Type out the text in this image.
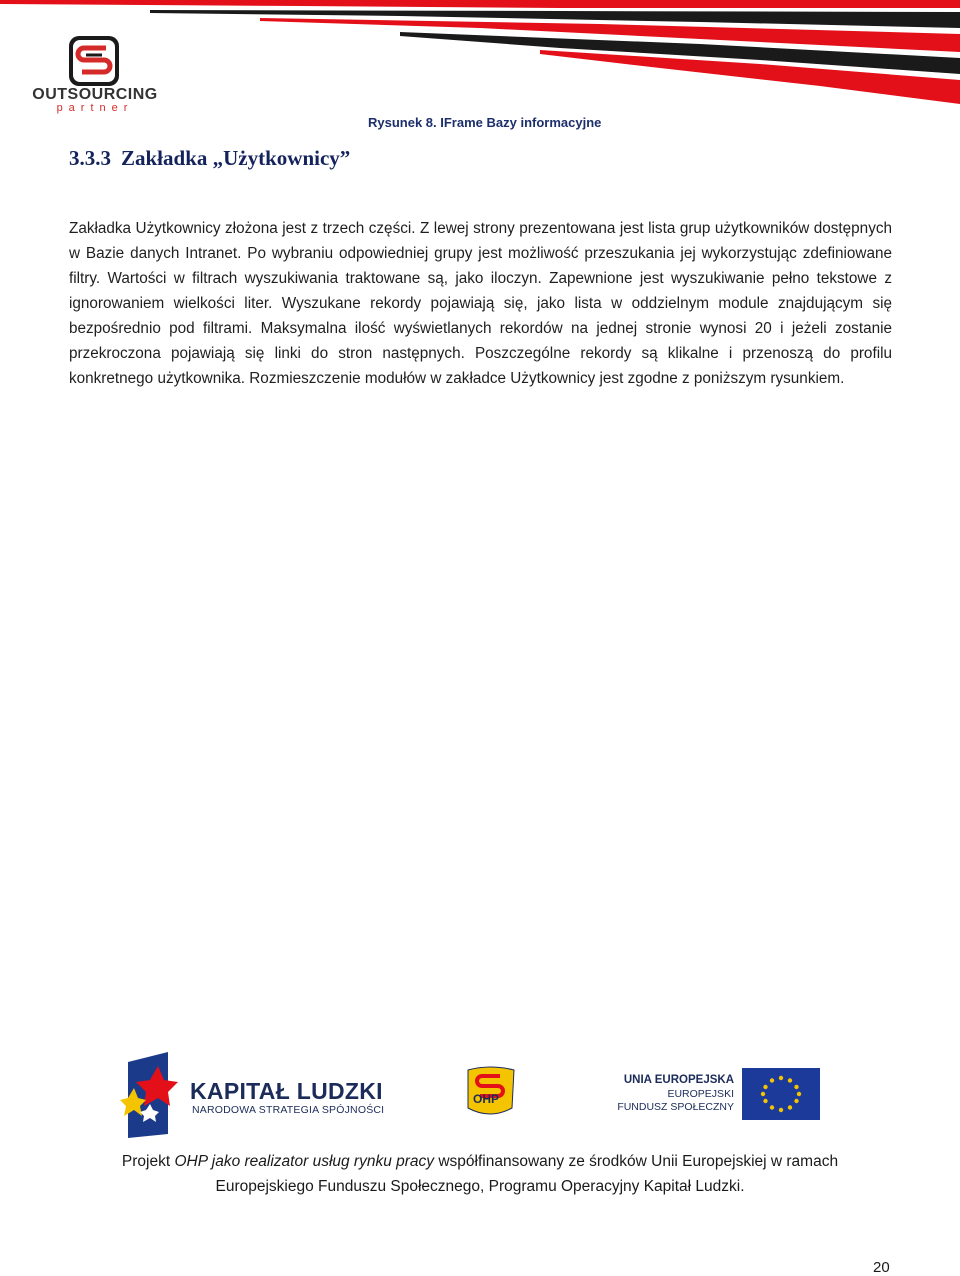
OUTSOURCING
partner
Rysunek 8. IFrame Bazy informacyjne
3.3.3 Zakładka „Użytkownicy”
Zakładka Użytkownicy złożona jest z trzech części. Z lewej strony prezentowana jest lista grup użytkowników dostępnych w Bazie danych Intranet. Po wybraniu odpowiedniej grupy jest możliwość przeszukania jej wykorzystując zdefiniowane filtry. Wartości w filtrach wyszukiwania traktowane są, jako iloczyn. Zapewnione jest wyszukiwanie pełno tekstowe z ignorowaniem wielkości liter. Wyszukane rekordy pojawiają się, jako lista w oddzielnym module znajdującym się bezpośrednio pod filtrami. Maksymalna ilość wyświetlanych rekordów na jednej stronie wynosi 20 i jeżeli zostanie przekroczona pojawiają się linki do stron następnych. Poszczególne rekordy są klikalne i przenoszą do profilu konkretnego użytkownika. Rozmieszczenie modułów w zakładce Użytkownicy jest zgodne z poniższym rysunkiem.
KAPITAŁ LUDZKI
NARODOWA STRATEGIA SPÓJNOŚCI
OHP
UNIA EUROPEJSKA
EUROPEJSKI
FUNDUSZ SPOŁECZNY
Projekt OHP jako realizator usług rynku pracy współfinansowany ze środków Unii Europejskiej w ramach
Europejskiego Funduszu Społecznego, Programu Operacyjny Kapitał Ludzki.
20
